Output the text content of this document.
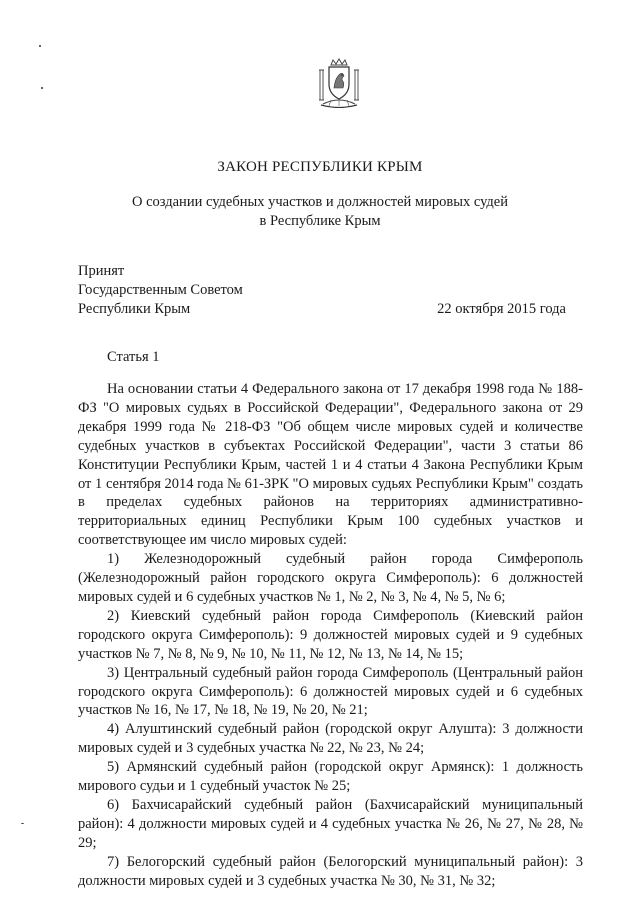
ЗАКОН РЕСПУБЛИКИ КРЫМ
О создании судебных участков и должностей мировых судей
в Республике Крым
Принят
Государственным Советом
Республики Крым	22 октября 2015 года
Статья 1

На основании статьи 4 Федерального закона от 17 декабря 1998 года № 188-ФЗ "О мировых судьях в Российской Федерации", Федерального закона от 29 декабря 1999 года № 218-ФЗ "Об общем числе мировых судей и количестве судебных участков в субъектах Российской Федерации", части 3 статьи 86 Конституции Республики Крым, частей 1 и 4 статьи 4 Закона Республики Крым от 1 сентября 2014 года № 61-ЗРК "О мировых судьях Республики Крым" создать в пределах судебных районов на территориях административно-территориальных единиц Республики Крым 100 судебных участков и соответствующее им число мировых судей:

1) Железнодорожный судебный район города Симферополь (Железнодорожный район городского округа Симферополь): 6 должностей мировых судей и 6 судебных участков № 1, № 2, № 3, № 4, № 5, № 6;

2) Киевский судебный район города Симферополь (Киевский район городского округа Симферополь): 9 должностей мировых судей и 9 судебных участков № 7, № 8, № 9, № 10, № 11, № 12, № 13, № 14, № 15;

3) Центральный судебный район города Симферополь (Центральный район городского округа Симферополь): 6 должностей мировых судей и 6 судебных участков № 16, № 17, № 18, № 19, № 20, № 21;

4) Алуштинский судебный район (городской округ Алушта): 3 должности мировых судей и 3 судебных участка № 22, № 23, № 24;

5) Армянский судебный район (городской округ Армянск): 1 должность мирового судьи и 1 судебный участок № 25;

6) Бахчисарайский судебный район (Бахчисарайский муниципальный район): 4 должности мировых судей и 4 судебных участка № 26, № 27, № 28, № 29;

7) Белогорский судебный район (Белогорский муниципальный район): 3 должности мировых судей и 3 судебных участка № 30, № 31, № 32;
